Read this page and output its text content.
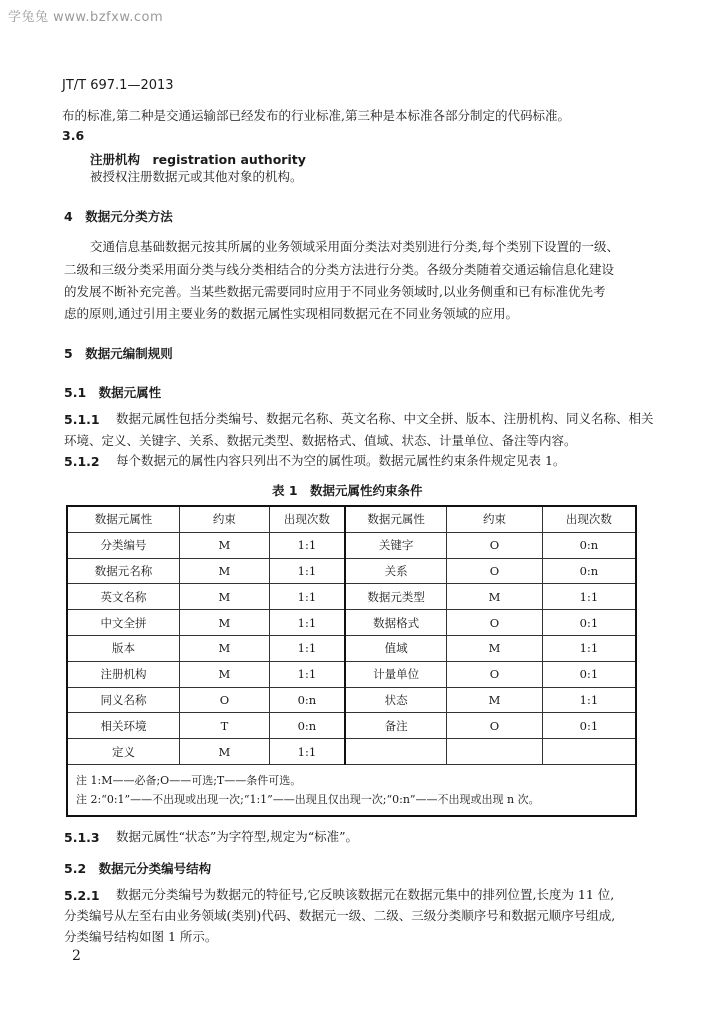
学兔兔 www.bzfxw.com
JT/T 697.1—2013
布的标准,第二种是交通运输部已经发布的行业标准,第三种是本标准各部分制定的代码标准。
3.6
注册机构　registration authority
被授权注册数据元或其他对象的机构。
4　数据元分类方法
交通信息基础数据元按其所属的业务领域采用面分类法对类别进行分类,每个类别下设置的一级、
二级和三级分类采用面分类与线分类相结合的分类方法进行分类。各级分类随着交通运输信息化建设
的发展不断补充完善。当某些数据元需要同时应用于不同业务领域时,以业务侧重和已有标准优先考
虑的原则,通过引用主要业务的数据元属性实现相同数据元在不同业务领域的应用。
5　数据元编制规则
5.1　数据元属性
5.1.1 数据元属性包括分类编号、数据元名称、英文名称、中文全拼、版本、注册机构、同义名称、相关
环境、定义、关键字、关系、数据元类型、数据格式、值域、状态、计量单位、备注等内容。
5.1.2 每个数据元的属性内容只列出不为空的属性项。数据元属性约束条件规定见表 1。
表 1　数据元属性约束条件
数据元属性	约束	出现次数	数据元属性	约束	出现次数
分类编号	M	1:1	关键字	O	0:n
数据元名称	M	1:1	关系	O	0:n
英文名称	M	1:1	数据元类型	M	1:1
中文全拼	M	1:1	数据格式	O	0:1
版本	M	1:1	值域	M	1:1
注册机构	M	1:1	计量单位	O	0:1
同义名称	O	0:n	状态	M	1:1
相关环境	T	0:n	备注	O	0:1
定义	M	1:1			

注 1:M——必备;O——可选;T——条件可选。
注 2:“0:1”——不出现或出现一次;“1:1”——出现且仅出现一次;“0:n”——不出现或出现 n 次。					
5.1.3 数据元属性“状态”为字符型,规定为“标准”。
5.2　数据元分类编号结构
5.2.1 数据元分类编号为数据元的特征号,它反映该数据元在数据元集中的排列位置,长度为 11 位,
分类编号从左至右由业务领域(类别)代码、数据元一级、二级、三级分类顺序号和数据元顺序号组成,
分类编号结构如图 1 所示。
2
